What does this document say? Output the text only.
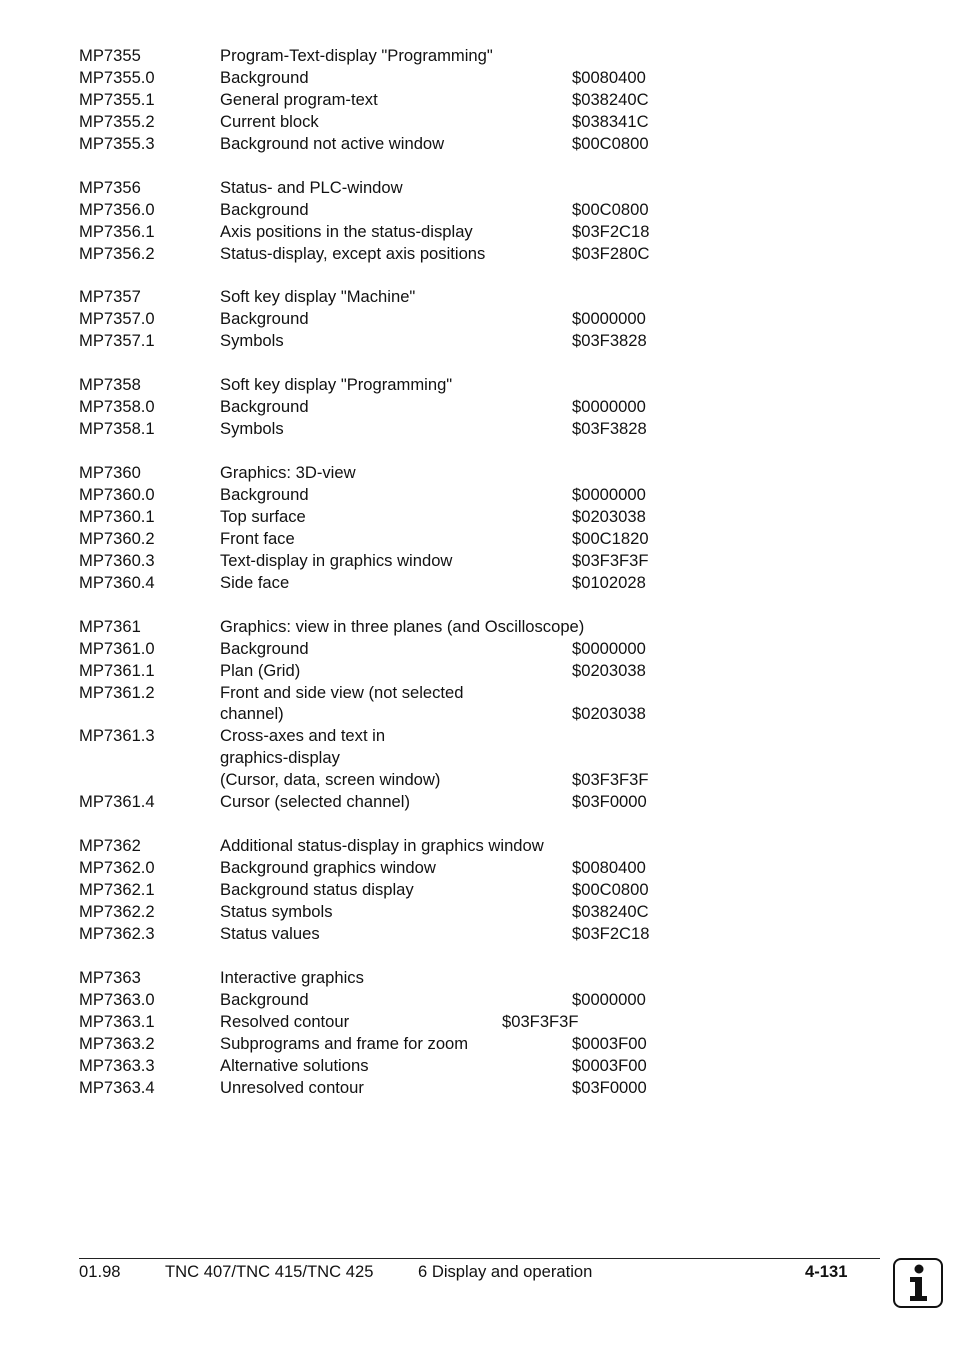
MP7355	Program-Text-display "Programming"
MP7355.0	Background	$0080400
MP7355.1	General program-text	$038240C
MP7355.2	Current block	$038341C
MP7355.3	Background not active window	$00C0800
MP7356	Status- and PLC-window
MP7356.0	Background	$00C0800
MP7356.1	Axis positions in the status-display	$03F2C18
MP7356.2	Status-display, except axis positions	$03F280C
MP7357	Soft key display "Machine"
MP7357.0	Background	$0000000
MP7357.1	Symbols	$03F3828
MP7358	Soft key display "Programming"
MP7358.0	Background	$0000000
MP7358.1	Symbols	$03F3828
MP7360	Graphics: 3D-view
MP7360.0	Background	$0000000
MP7360.1	Top surface	$0203038
MP7360.2	Front face	$00C1820
MP7360.3	Text-display in graphics window	$03F3F3F
MP7360.4	Side face	$0102028
MP7361	Graphics: view in three planes (and Oscilloscope)
MP7361.0	Background	$0000000
MP7361.1	Plan (Grid)	$0203038
MP7361.2	Front and side view (not selected
channel)	$0203038
MP7361.3	Cross-axes and text in
graphics-display
(Cursor, data, screen window)	$03F3F3F
MP7361.4	Cursor (selected channel)	$03F0000
MP7362	Additional status-display in graphics window
MP7362.0	Background graphics window	$0080400
MP7362.1	Background status display	$00C0800
MP7362.2	Status symbols	$038240C
MP7362.3	Status values	$03F2C18
MP7363	Interactive graphics
MP7363.0	Background	$0000000
MP7363.1	Resolved contour	$03F3F3F
MP7363.2	Subprograms and frame for zoom	$0003F00
MP7363.3	Alternative solutions	$0003F00
MP7363.4	Unresolved contour	$03F0000
01.98	TNC 407/TNC 415/TNC 425	6 Display and operation	4-131
